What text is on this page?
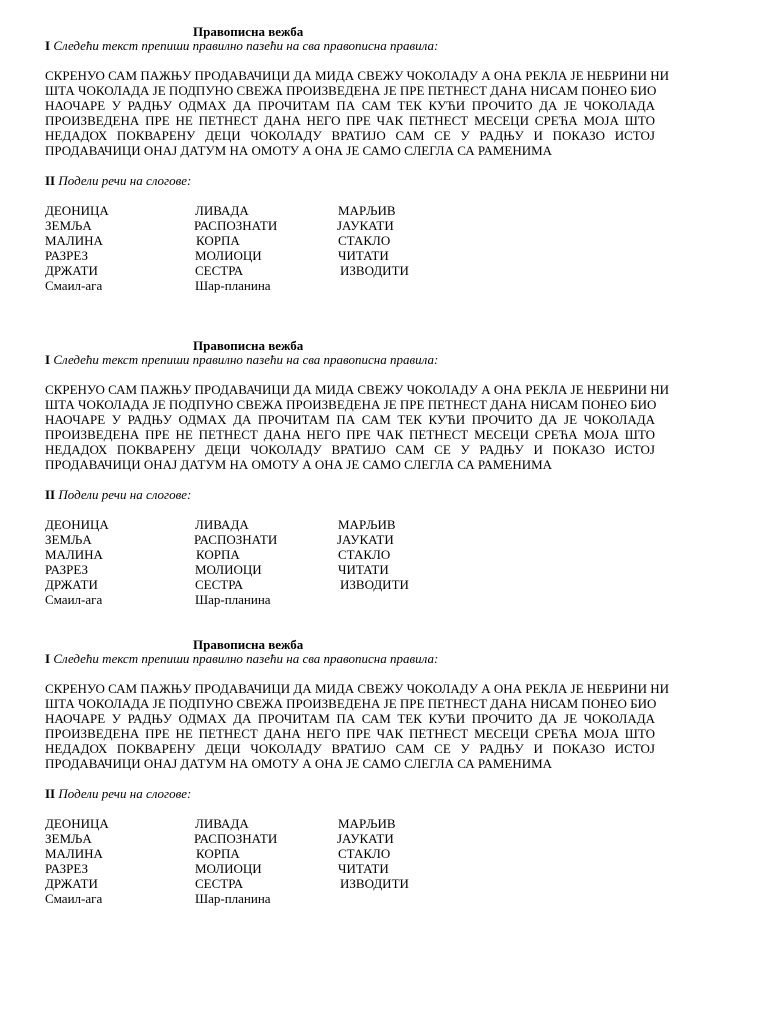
Правописна вежба
I Следећи текст препиши правилно пазећи на сва правописна правила:
СКРЕНУО САМ ПАЖЊУ ПРОДАВАЧИЦИ ДА МИДА СВЕЖУ ЧОКОЛАДУ А ОНА РЕКЛА ЈЕ НЕБРИНИ НИ
ШТА ЧОКОЛАДА ЈЕ ПОДПУНО СВЕЖА ПРОИЗВЕДЕНА ЈЕ ПРЕ ПЕТНЕСТ ДАНА НИСАМ ПОНЕО БИО
НАОЧАРЕ У РАДЊУ ОДМАХ ДА ПРОЧИТАМ ПА САМ ТЕК КУЋИ ПРОЧИТО ДА ЈЕ ЧОКОЛАДА
ПРОИЗВЕДЕНА ПРЕ НЕ ПЕТНЕСТ ДАНА НЕГО ПРЕ ЧАК ПЕТНЕСТ МЕСЕЦИ СРЕЋА МОЈА ШТО
НЕДАДОХ ПОКВАРЕНУ ДЕЦИ ЧОКОЛАДУ ВРАТИЈО САМ СЕ У РАДЊУ И ПОКАЗО ИСТОЈ
ПРОДАВАЧИЦИ ОНАЈ ДАТУМ НА ОМОТУ А ОНА ЈЕ САМО СЛЕГЛА СА РАМЕНИМА
II Подели речи на слогове:
ДЕОНИЦА
ЗЕМЉА
МАЛИНА
РАЗРЕЗ
ДРЖАТИ
Смаил-ага
ЛИВАДА
РАСПОЗНАТИ
КОРПА
МОЛИОЦИ
СЕСТРА
Шар-планина
МАРЉИВ
ЈАУКАТИ
СТАКЛО
ЧИТАТИ
ИЗВОДИТИ
Правописна вежба
I Следећи текст препиши правилно пазећи на сва правописна правила:
СКРЕНУО САМ ПАЖЊУ ПРОДАВАЧИЦИ ДА МИДА СВЕЖУ ЧОКОЛАДУ А ОНА РЕКЛА ЈЕ НЕБРИНИ НИ
ШТА ЧОКОЛАДА ЈЕ ПОДПУНО СВЕЖА ПРОИЗВЕДЕНА ЈЕ ПРЕ ПЕТНЕСТ ДАНА НИСАМ ПОНЕО БИО
НАОЧАРЕ У РАДЊУ ОДМАХ ДА ПРОЧИТАМ ПА САМ ТЕК КУЋИ ПРОЧИТО ДА ЈЕ ЧОКОЛАДА
ПРОИЗВЕДЕНА ПРЕ НЕ ПЕТНЕСТ ДАНА НЕГО ПРЕ ЧАК ПЕТНЕСТ МЕСЕЦИ СРЕЋА МОЈА ШТО
НЕДАДОХ ПОКВАРЕНУ ДЕЦИ ЧОКОЛАДУ ВРАТИЈО САМ СЕ У РАДЊУ И ПОКАЗО ИСТОЈ
ПРОДАВАЧИЦИ ОНАЈ ДАТУМ НА ОМОТУ А ОНА ЈЕ САМО СЛЕГЛА СА РАМЕНИМА
II Подели речи на слогове:
ДЕОНИЦА
ЗЕМЉА
МАЛИНА
РАЗРЕЗ
ДРЖАТИ
Смаил-ага
ЛИВАДА
РАСПОЗНАТИ
КОРПА
МОЛИОЦИ
СЕСТРА
Шар-планина
МАРЉИВ
ЈАУКАТИ
СТАКЛО
ЧИТАТИ
ИЗВОДИТИ
Правописна вежба
I Следећи текст препиши правилно пазећи на сва правописна правила:
СКРЕНУО САМ ПАЖЊУ ПРОДАВАЧИЦИ ДА МИДА СВЕЖУ ЧОКОЛАДУ А ОНА РЕКЛА ЈЕ НЕБРИНИ НИ
ШТА ЧОКОЛАДА ЈЕ ПОДПУНО СВЕЖА ПРОИЗВЕДЕНА ЈЕ ПРЕ ПЕТНЕСТ ДАНА НИСАМ ПОНЕО БИО
НАОЧАРЕ У РАДЊУ ОДМАХ ДА ПРОЧИТАМ ПА САМ ТЕК КУЋИ ПРОЧИТО ДА ЈЕ ЧОКОЛАДА
ПРОИЗВЕДЕНА ПРЕ НЕ ПЕТНЕСТ ДАНА НЕГО ПРЕ ЧАК ПЕТНЕСТ МЕСЕЦИ СРЕЋА МОЈА ШТО
НЕДАДОХ ПОКВАРЕНУ ДЕЦИ ЧОКОЛАДУ ВРАТИЈО САМ СЕ У РАДЊУ И ПОКАЗО ИСТОЈ
ПРОДАВАЧИЦИ ОНАЈ ДАТУМ НА ОМОТУ А ОНА ЈЕ САМО СЛЕГЛА СА РАМЕНИМА
II Подели речи на слогове:
ДЕОНИЦА
ЗЕМЉА
МАЛИНА
РАЗРЕЗ
ДРЖАТИ
Смаил-ага
ЛИВАДА
РАСПОЗНАТИ
КОРПА
МОЛИОЦИ
СЕСТРА
Шар-планина
МАРЉИВ
ЈАУКАТИ
СТАКЛО
ЧИТАТИ
ИЗВОДИТИ
